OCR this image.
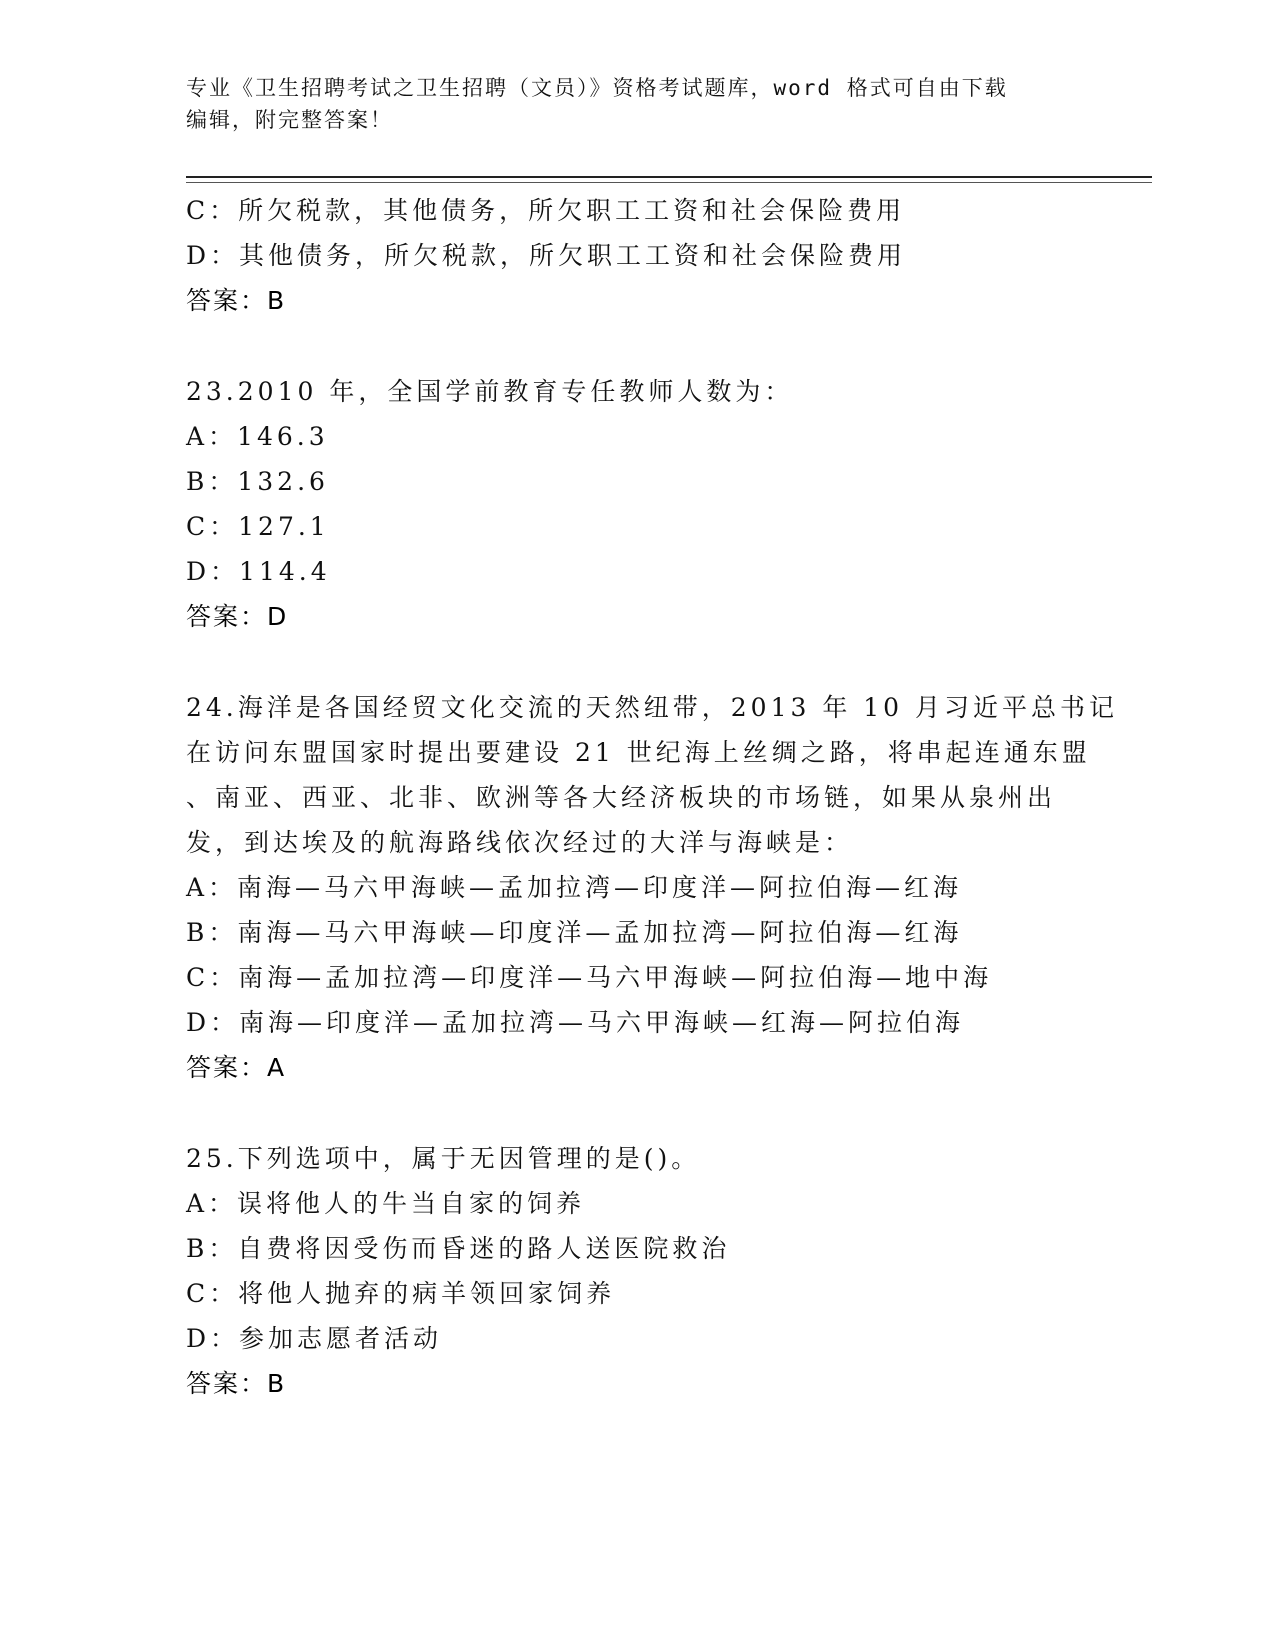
专业《卫生招聘考试之卫生招聘（文员）》资格考试题库，word 格式可自由下载
编辑，附完整答案！
C：所欠税款，其他债务，所欠职工工资和社会保险费用
D：其他债务，所欠税款，所欠职工工资和社会保险费用
答案：B
23.2010 年，全国学前教育专任教师人数为：
A：146.3
B：132.6
C：127.1
D：114.4
答案：D
24.海洋是各国经贸文化交流的天然纽带，2013 年 10 月习近平总书记
在访问东盟国家时提出要建设 21 世纪海上丝绸之路，将串起连通东盟
、南亚、西亚、北非、欧洲等各大经济板块的市场链，如果从泉州出
发，到达埃及的航海路线依次经过的大洋与海峡是：
A：南海—马六甲海峡—孟加拉湾—印度洋—阿拉伯海—红海
B：南海—马六甲海峡—印度洋—孟加拉湾—阿拉伯海—红海
C：南海—孟加拉湾—印度洋—马六甲海峡—阿拉伯海—地中海
D：南海—印度洋—孟加拉湾—马六甲海峡—红海—阿拉伯海
答案：A
25.下列选项中，属于无因管理的是()。
A：误将他人的牛当自家的饲养
B：自费将因受伤而昏迷的路人送医院救治
C：将他人抛弃的病羊领回家饲养
D：参加志愿者活动
答案：B
